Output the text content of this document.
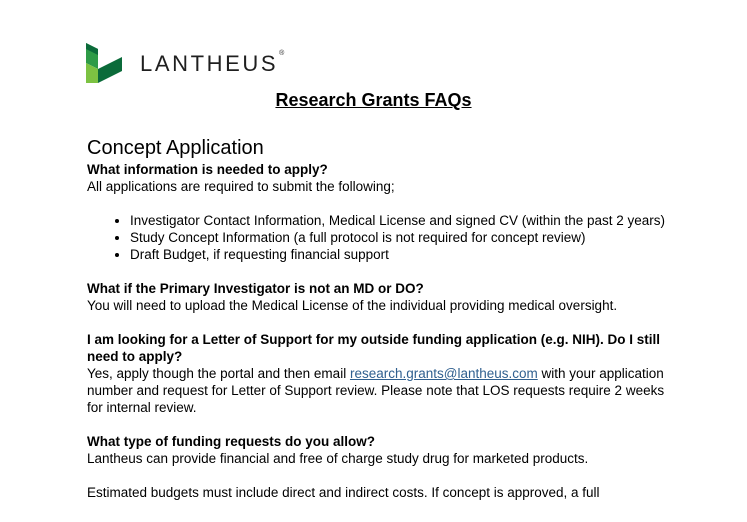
LANTHEUS®
Research Grants FAQs

Concept Application

What information is needed to apply?

All applications are required to submit the following;

• Investigator Contact Information, Medical License and signed CV (within the past 2 years)
• Study Concept Information (a full protocol is not required for concept review)
• Draft Budget, if requesting financial support

What if the Primary Investigator is not an MD or DO?

You will need to upload the Medical License of the individual providing medical oversight.

I am looking for a Letter of Support for my outside funding application (e.g. NIH). Do I still need to apply?

Yes, apply though the portal and then email research.grants@lantheus.com with your application number and request for Letter of Support review. Please note that LOS requests require 2 weeks for internal review.

What type of funding requests do you allow?

Lantheus can provide financial and free of charge study drug for marketed products.

Estimated budgets must include direct and indirect costs. If concept is approved, a full
